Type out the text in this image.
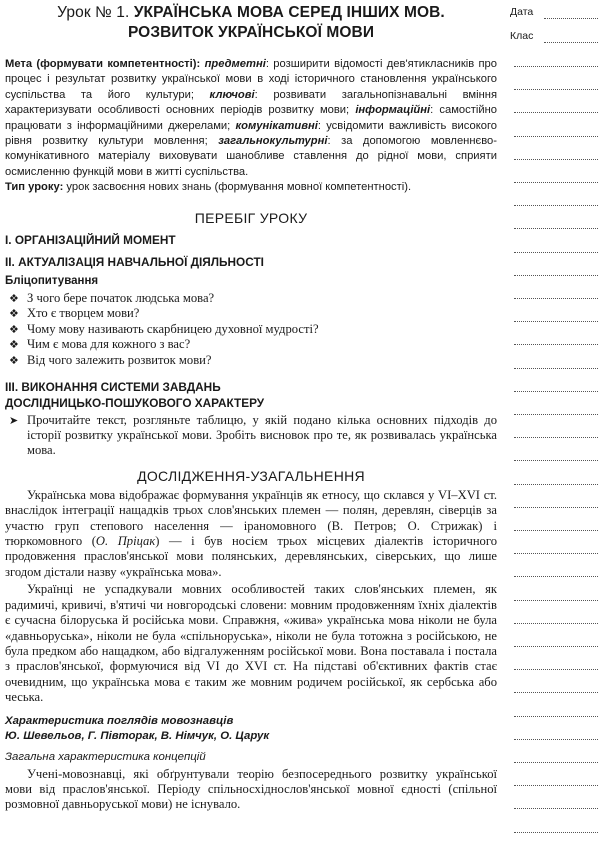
Урок № 1. УКРАЇНСЬКА МОВА СЕРЕД ІНШИХ МОВ.
РОЗВИТОК УКРАЇНСЬКОЇ МОВИ

Мета (формувати компетентності): предметні: розширити відомості дев'ятикласників про процес і результат розвитку української мови в ході історичного становлення українського суспільства та його культури; ключові: розвивати загальнопізнавальні вміння характеризувати особливості основних періодів розвитку мови; інформаційні: самостійно працювати з інформаційними джерелами; комунікативні: усвідомити важливість високого рівня розвитку культури мовлення; загальнокультурні: за допомогою мовленнєво-комунікативного матеріалу виховувати шанобливе ставлення до рідної мови, сприяти осмисленню функцій мови в житті суспільства.

Тип уроку: урок засвоєння нових знань (формування мовної компетентності).

ПЕРЕБІГ УРОКУ

І. ОРГАНІЗАЦІЙНИЙ МОМЕНТ

ІІ. АКТУАЛІЗАЦІЯ НАВЧАЛЬНОЇ ДІЯЛЬНОСТІ

Бліцопитування

❖ З чого бере початок людська мова?
❖ Хто є творцем мови?
❖ Чому мову називають скарбницею духовної мудрості?
❖ Чим є мова для кожного з вас?
❖ Від чого залежить розвиток мови?

ІІІ. ВИКОНАННЯ СИСТЕМИ ЗАВДАНЬ

ДОСЛІДНИЦЬКО-ПОШУКОВОГО ХАРАКТЕРУ

➤ Прочитайте текст, розгляньте таблицю, у якій подано кілька основних підходів до історії розвитку української мови. Зробіть висновок про те, як розвивалась українська мова.

ДОСЛІДЖЕННЯ-УЗАГАЛЬНЕННЯ

Українська мова відображає формування українців як етносу, що склався у VI–XVI ст. внаслідок інтеграції нащадків трьох слов'янських племен — полян, деревлян, сіверців за участю груп степового населення — іраномовного (В. Петров; О. Стрижак) і тюркомовного (О. Пріцак) — і був носієм трьох місцевих діалектів історичного продовження праслов'янської мови полянських, деревлянських, сіверських, що лише згодом дістали назву «українська мова».

Українці не успадкували мовних особливостей таких слов'янських племен, як радимичі, кривичі, в'ятичі чи новгородські словени: мовним продовженням їхніх діалектів є сучасна білоруська й російська мови. Справжня, «жива» українська мова ніколи не була «давньоруська», ніколи не була «спільноруська», ніколи не була тотожна з російською, не була предком або нащадком, або відгалуженням російської мови. Вона поставала і постала з праслов'янської, формуючися від VI до XVI ст. На підставі об'єктивних фактів стає очевидним, що українська мова є таким же мовним родичем російської, як сербська або чеська.

Характеристика поглядів мовознавців

Ю. Шевельов, Г. Півторак, В. Німчук, О. Царук

Загальна характеристика концепцій

Учені-мовознавці, які обґрунтували теорію безпосереднього розвитку української мови від праслов'янської. Періоду спільносхіднослов'янської мовної єдності (спільної розмовної давньоруської мови) не існувало.

Дата
Клас
